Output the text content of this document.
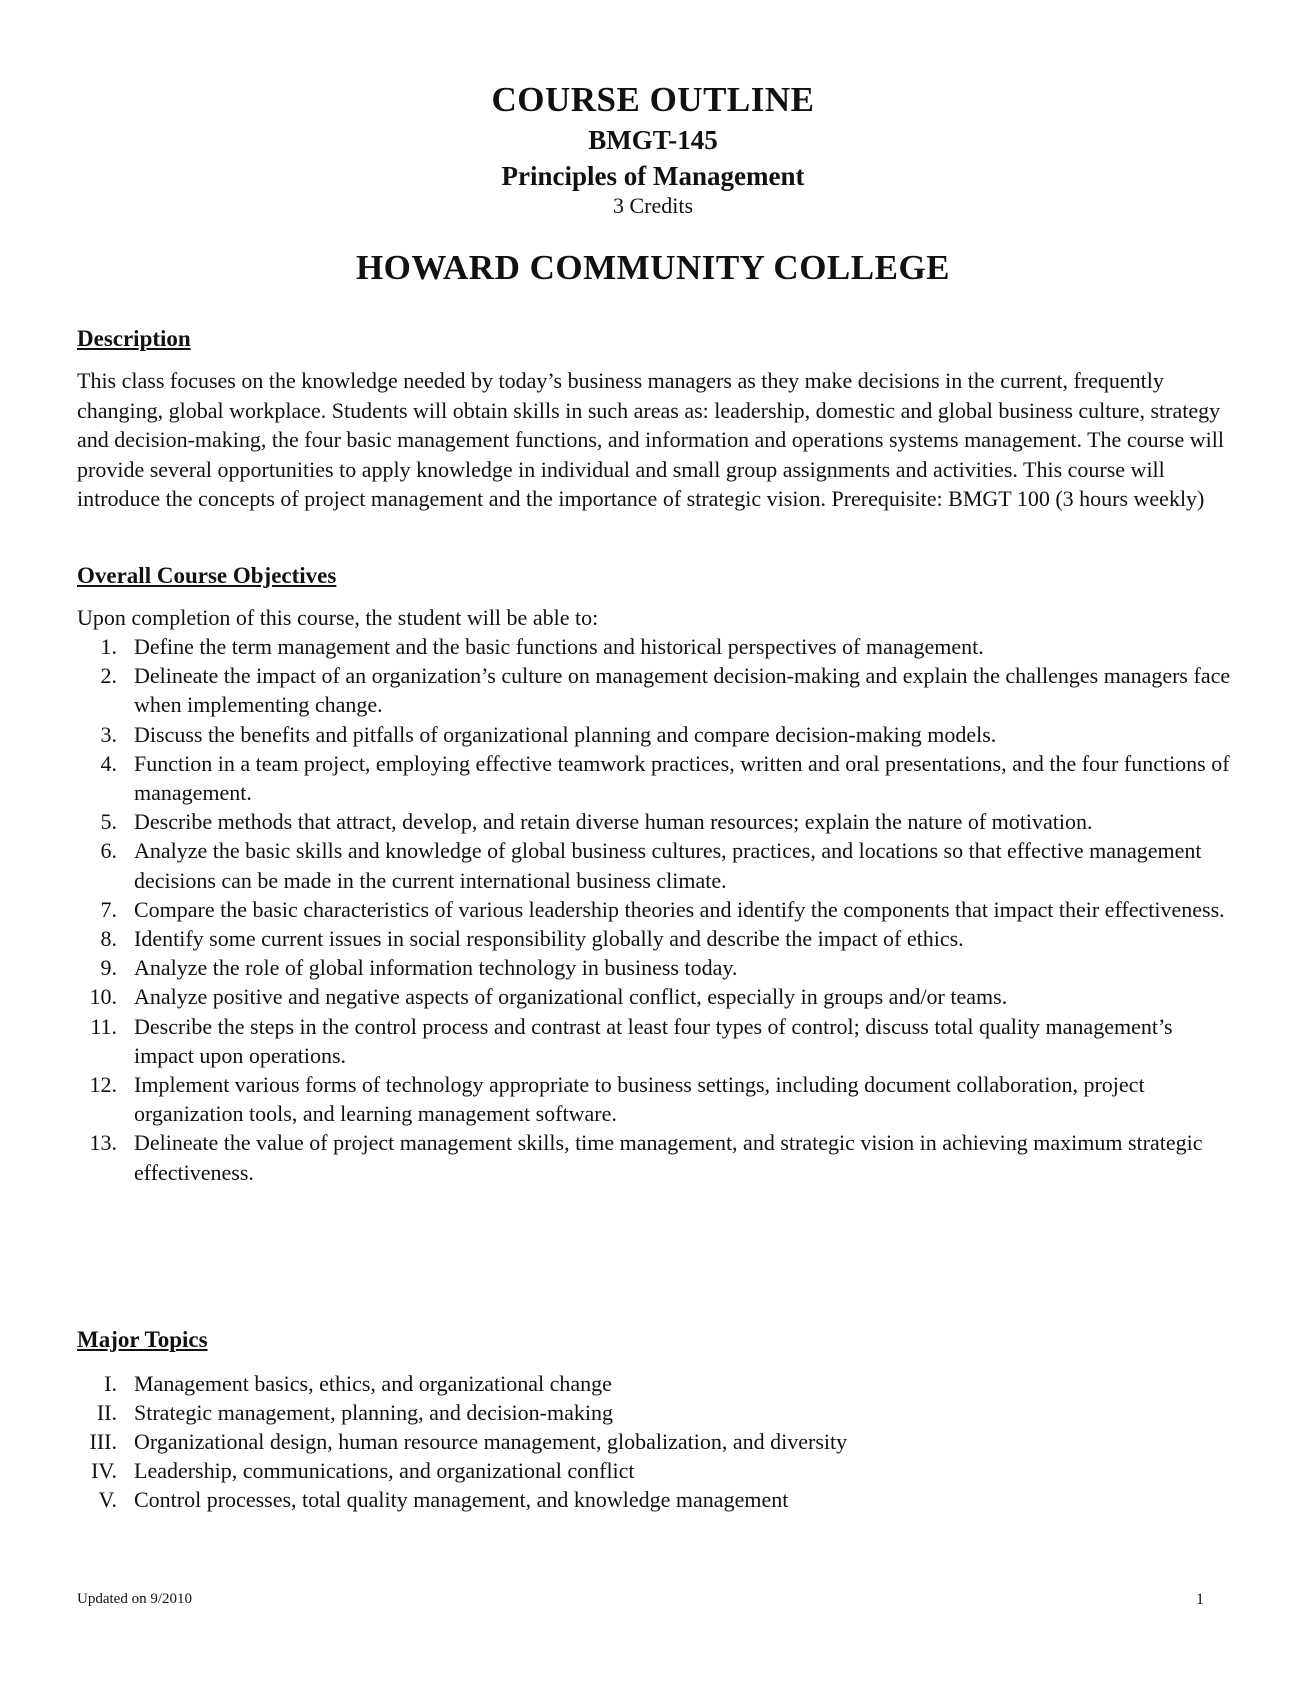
COURSE OUTLINE
BMGT-145
Principles of Management
3 Credits
HOWARD COMMUNITY COLLEGE
Description
This class focuses on the knowledge needed by today’s business managers as they make decisions in the current, frequently changing, global workplace. Students will obtain skills in such areas as: leadership, domestic and global business culture, strategy and decision-making, the four basic management functions, and information and operations systems management. The course will provide several opportunities to apply knowledge in individual and small group assignments and activities. This course will introduce the concepts of project management and the importance of strategic vision. Prerequisite: BMGT 100 (3 hours weekly)
Overall Course Objectives
Upon completion of this course, the student will be able to:
1. Define the term management and the basic functions and historical perspectives of management.
2. Delineate the impact of an organization’s culture on management decision-making and explain the challenges managers face when implementing change.
3. Discuss the benefits and pitfalls of organizational planning and compare decision-making models.
4. Function in a team project, employing effective teamwork practices, written and oral presentations, and the four functions of management.
5. Describe methods that attract, develop, and retain diverse human resources; explain the nature of motivation.
6. Analyze the basic skills and knowledge of global business cultures, practices, and locations so that effective management decisions can be made in the current international business climate.
7. Compare the basic characteristics of various leadership theories and identify the components that impact their effectiveness.
8. Identify some current issues in social responsibility globally and describe the impact of ethics.
9. Analyze the role of global information technology in business today.
10. Analyze positive and negative aspects of organizational conflict, especially in groups and/or teams.
11. Describe the steps in the control process and contrast at least four types of control; discuss total quality management’s impact upon operations.
12. Implement various forms of technology appropriate to business settings, including document collaboration, project organization tools, and learning management software.
13. Delineate the value of project management skills, time management, and strategic vision in achieving maximum strategic effectiveness.
Major Topics
I. Management basics, ethics, and organizational change
II. Strategic management, planning, and decision-making
III. Organizational design, human resource management, globalization, and diversity
IV. Leadership, communications, and organizational conflict
V. Control processes, total quality management, and knowledge management
Updated on 9/2010	1
